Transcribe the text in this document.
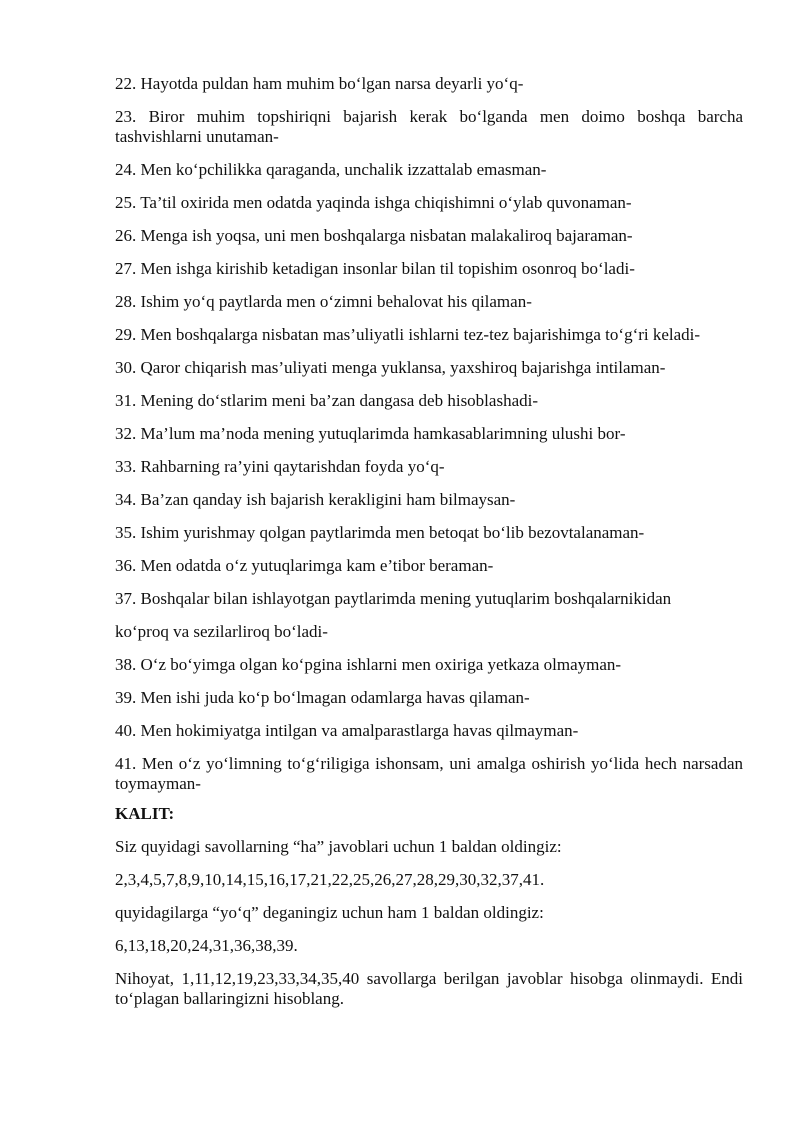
22. Hayotda puldan ham muhim bo‘lgan narsa deyarli yo‘q-
23. Biror muhim topshiriqni bajarish kerak bo‘lganda men doimo boshqa barcha tashvishlarni unutaman-
24. Men ko‘pchilikka qaraganda, unchalik izzattalab emasman-
25. Ta’til oxirida men odatda yaqinda ishga chiqishimni o‘ylab quvonaman-
26. Menga ish yoqsa, uni men boshqalarga nisbatan malakaliroq bajaraman-
27. Men ishga kirishib ketadigan insonlar bilan til topishim osonroq bo‘ladi-
28. Ishim yo‘q paytlarda men o‘zimni behalovat his qilaman-
29. Men boshqalarga nisbatan mas’uliyatli ishlarni tez-tez bajarishimga to‘g‘ri keladi-
30. Qaror chiqarish mas’uliyati menga yuklansa, yaxshiroq bajarishga intilaman-
31. Mening do‘stlarim meni ba’zan dangasa deb hisoblashadi-
32. Ma’lum ma’noda mening yutuqlarimda hamkasablarimning ulushi bor-
33. Rahbarning ra’yini qaytarishdan foyda yo‘q-
34. Ba’zan qanday ish bajarish kerakligini ham bilmaysan-
35. Ishim yurishmay qolgan paytlarimda men betoqat bo‘lib bezovtalanaman-
36. Men odatda o‘z yutuqlarimga kam e’tibor beraman-
37. Boshqalar bilan ishlayotgan paytlarimda mening yutuqlarim boshqalarnikidan
ko‘proq va sezilarliroq bo‘ladi-
38. O‘z bo‘yimga olgan ko‘pgina ishlarni men oxiriga yetkaza olmayman-
39. Men ishi juda ko‘p bo‘lmagan odamlarga havas qilaman-
40. Men hokimiyatga intilgan va amalparastlarga havas qilmayman-
41. Men o‘z yo‘limning to‘g‘riligiga ishonsam, uni amalga oshirish yo‘lida hech narsadan toymayman-
KALIT:
Siz quyidagi savollarning “ha” javoblari uchun 1 baldan oldingiz:
2,3,4,5,7,8,9,10,14,15,16,17,21,22,25,26,27,28,29,30,32,37,41.
quyidagilarga “yo‘q” deganingiz uchun ham 1 baldan oldingiz:
6,13,18,20,24,31,36,38,39.
Nihoyat, 1,11,12,19,23,33,34,35,40 savollarga berilgan javoblar hisobga olinmaydi. Endi to‘plagan ballaringizni hisoblang.
